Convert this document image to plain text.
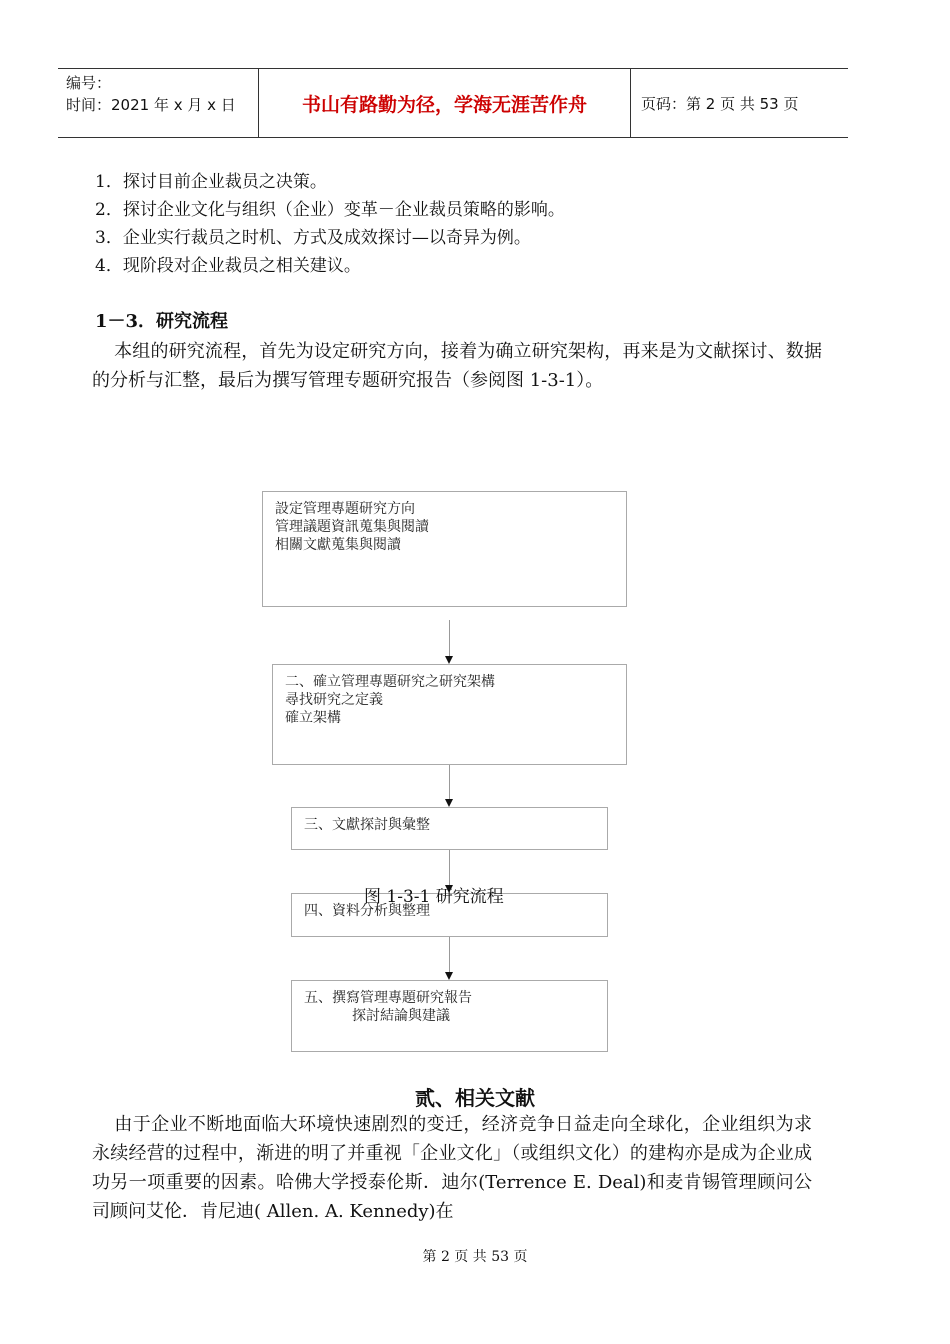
编号：
时间：2021 年 x 月 x 日	书山有路勤为径，学海无涯苦作舟	页码：第 2 页 共 53 页
1．探讨目前企业裁员之决策。
2．探讨企业文化与组织（企业）变革－企业裁员策略的影响。
3．企业实行裁员之时机、方式及成效探讨—以奇异为例。
4．现阶段对企业裁员之相关建议。
1－3．研究流程
本组的研究流程，首先为设定研究方向，接着为确立研究架构，再来是为文献探讨、数据的分析与汇整，最后为撰写管理专题研究报告（参阅图 1-3-1）。
設定管理專題研究方向
管理議題資訊蒐集與閱讀
相關文獻蒐集與閱讀
二、確立管理專題研究之研究架構
尋找研究之定義
確立架構
三、文獻探討與彙整
四、資料分析與整理
五、撰寫管理專題研究報告
探討結論與建議
图 1-3-1 研究流程
贰、相关文献
由于企业不断地面临大环境快速剧烈的变迁，经济竞争日益走向全球化，企业组织为求永续经营的过程中，渐进的明了并重视「企业文化」（或组织文化）的建构亦是成为企业成功另一项重要的因素。哈佛大学授泰伦斯．迪尔(Terrence E. Deal)和麦肯锡管理顾问公司顾问艾伦．肯尼迪( Allen. A. Kennedy)在
第 2 页 共 53 页
